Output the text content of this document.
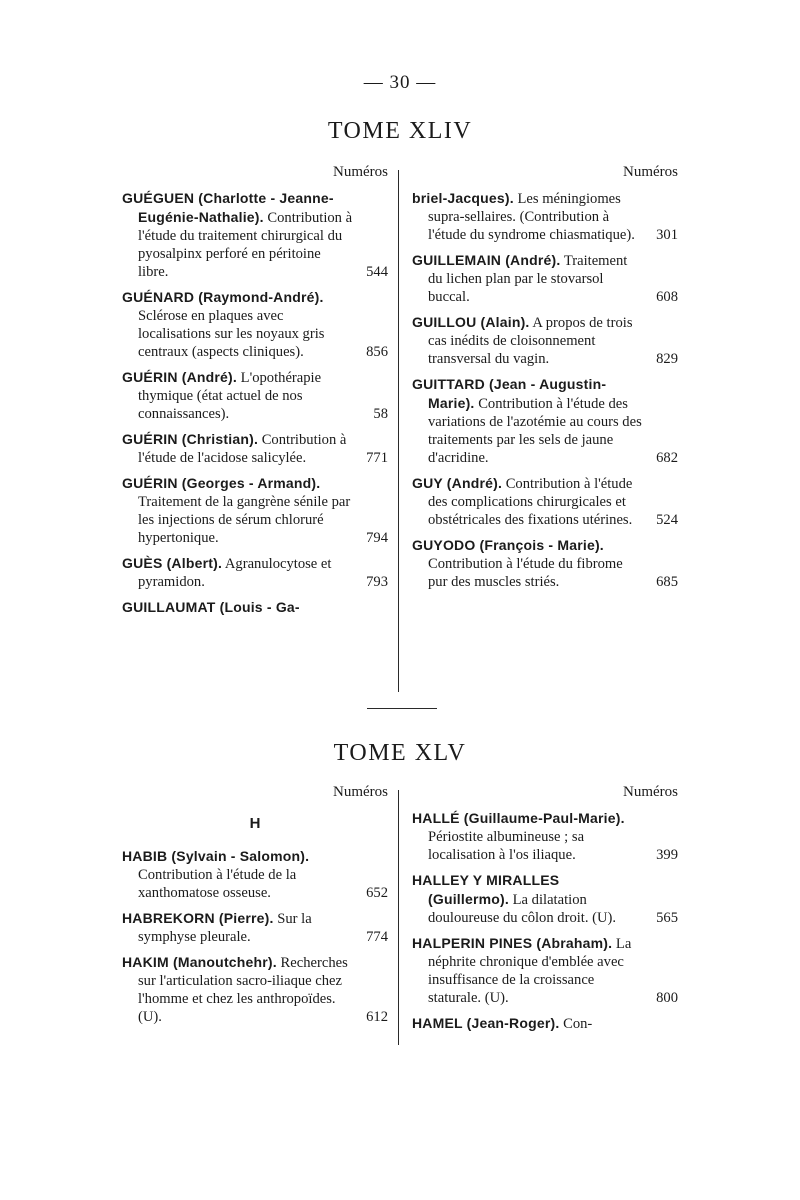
— 30 —
TOME XLIV
Numéros
GUÉGUEN (Charlotte - Jeanne-Eugénie-Nathalie). Contribution à l'étude du traitement chirurgical du pyosalpinx perforé en péritoine libre.	544
GUÉNARD (Raymond-André). Sclérose en plaques avec localisations sur les noyaux gris centraux (aspects cliniques).	856
GUÉRIN (André). L'opothérapie thymique (état actuel de nos connaissances).	58
GUÉRIN (Christian). Contribution à l'étude de l'acidose salicylée.	771
GUÉRIN (Georges - Armand). Traitement de la gangrène sénile par les injections de sérum chloruré hypertonique.	794
GUÈS (Albert). Agranulocytose et pyramidon.	793
GUILLAUMAT (Louis - Ga-
Numéros
briel-Jacques). Les méningiomes supra-sellaires. (Contribution à l'étude du syndrome chiasmatique). 301
GUILLEMAIN (André). Traitement du lichen plan par le stovarsol buccal.	608
GUILLOU (Alain). A propos de trois cas inédits de cloisonnement transversal du vagin.	829
GUITTARD (Jean - Augustin-Marie). Contribution à l'étude des variations de l'azotémie au cours des traitements par les sels de jaune d'acridine.	682
GUY (André). Contribution à l'étude des complications chirurgicales et obstétricales des fixations utérines. 524
GUYODO (François - Marie). Contribution à l'étude du fibrome pur des muscles striés.	685
TOME XLV
Numéros
H
HABIB (Sylvain - Salomon). Contribution à l'étude de la xanthomatose osseuse.	652
HABREKORN (Pierre). Sur la symphyse pleurale.	774
HAKIM (Manoutchehr). Recherches sur l'articulation sacro-iliaque chez l'homme et chez les anthropoïdes. (U).	612
Numéros
HALLÉ (Guillaume-Paul-Marie). Périostite albumineuse ; sa localisation à l'os iliaque.	399
HALLEY Y MIRALLES (Guillermo). La dilatation douloureuse du côlon droit. (U).	565
HALPERIN PINES (Abraham). La néphrite chronique d'emblée avec insuffisance de la croissance staturale. (U).	800
HAMEL (Jean-Roger). Con-
